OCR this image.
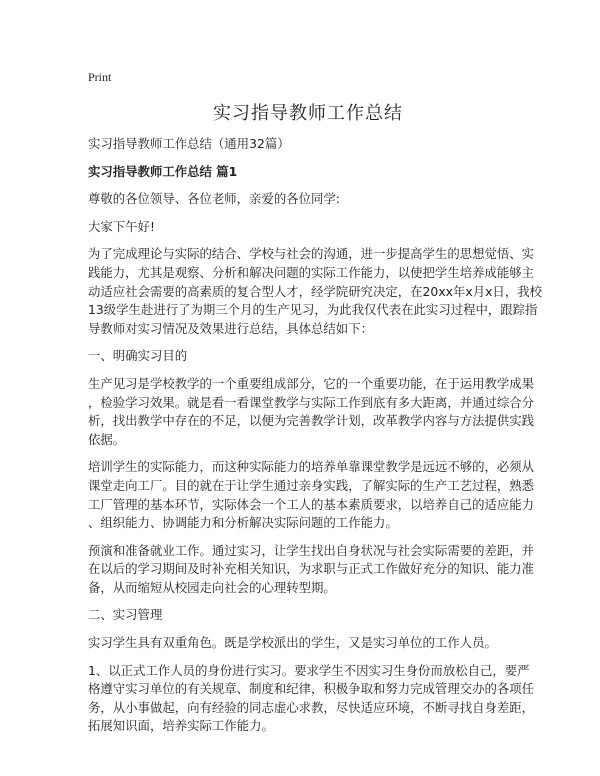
Print
实习指导教师工作总结

实习指导教师工作总结（通用32篇）

实习指导教师工作总结 篇1

尊敬的各位领导、各位老师，亲爱的各位同学:

大家下午好!

为了完成理论与实际的结合、学校与社会的沟通，进一步提高学生的思想觉悟、实
践能力，尤其是观察、分析和解决问题的实际工作能力，以使把学生培养成能够主
动适应社会需要的高素质的复合型人才，经学院研究决定，在20xx年x月x日，我校
13级学生赴进行了为期三个月的生产见习，为此我仅代表在此实习过程中，跟踪指
导教师对实习情况及效果进行总结，具体总结如下：

一、明确实习目的

生产见习是学校教学的一个重要组成部分，它的一个重要功能，在于运用教学成果
，检验学习效果。就是看一看课堂教学与实际工作到底有多大距离，并通过综合分
析，找出教学中存在的不足，以便为完善教学计划，改革教学内容与方法提供实践
依据。

培训学生的实际能力，而这种实际能力的培养单靠课堂教学是远远不够的，必须从
课堂走向工厂。目的就在于让学生通过亲身实践，了解实际的生产工艺过程，熟悉
工厂管理的基本环节，实际体会一个工人的基本素质要求，以培养自己的适应能力
、组织能力、协调能力和分析解决实际问题的工作能力。

预演和准备就业工作。通过实习，让学生找出自身状况与社会实际需要的差距，并
在以后的学习期间及时补充相关知识，为求职与正式工作做好充分的知识、能力准
备，从而缩短从校园走向社会的心理转型期。

二、实习管理

实习学生具有双重角色。既是学校派出的学生，又是实习单位的工作人员。

1、以正式工作人员的身份进行实习。要求学生不因实习生身份而放松自己，要严
格遵守实习单位的有关规章、制度和纪律，积极争取和努力完成管理交办的各项任
务，从小事做起，向有经验的同志虚心求教，尽快适应环境，不断寻找自身差距，
拓展知识面，培养实际工作能力。
